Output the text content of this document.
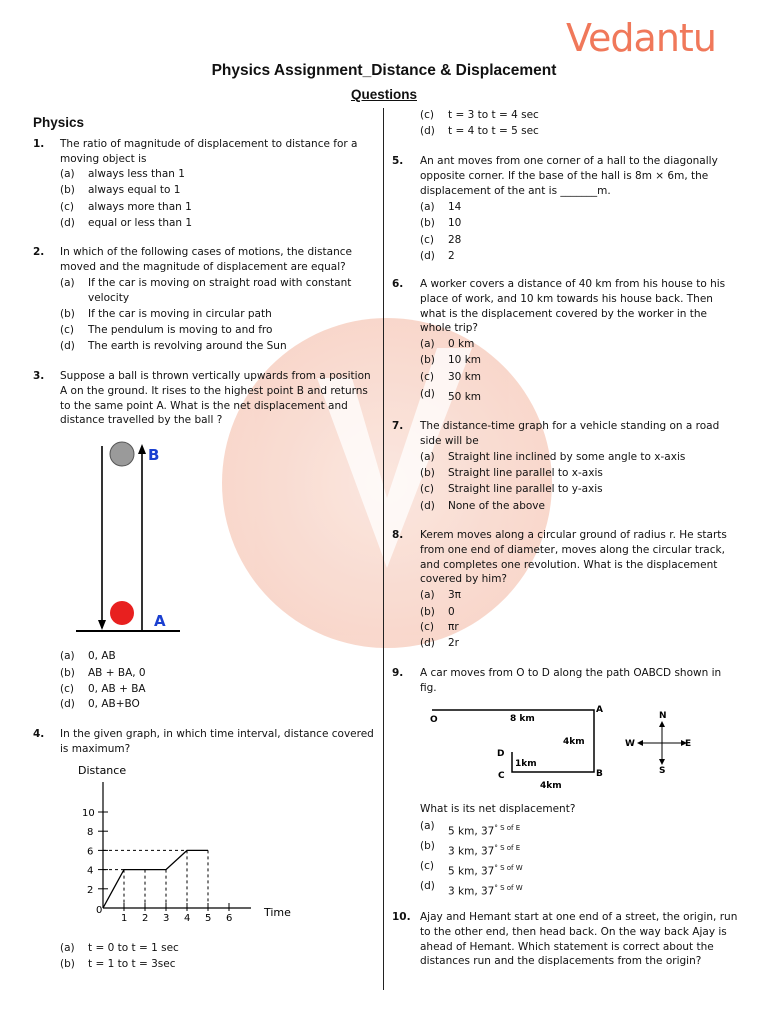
Vedantu
Physics Assignment_Distance & Displacement
Questions
Physics
1. The ratio of magnitude of displacement to distance for a
moving object is
(a) always less than 1
(b) always equal to 1
(c) always more than 1
(d) equal or less than 1
2. In which of the following cases of motions, the distance
moved and the magnitude of displacement are equal?
(a) If the car is moving on straight road with constant
velocity
(b) If the car is moving in circular path
(c) The pendulum is moving to and fro
(d) The earth is revolving around the Sun
3. Suppose a ball is thrown vertically upwards from a position
A on the ground. It rises to the highest point B and returns
to the same point A. What is the net displacement and
distance travelled by the ball ?
B
A
(a) 0, AB
(b) AB + BA, 0
(c) 0, AB + BA
(d) 0, AB+BO
4. In the given graph, in which time interval, distance covered
is maximum?
Distance
Time
0
1 2 3 4 5 6
2
4
6
8
10
(a) t = 0 to t = 1 sec
(b) t = 1 to t = 3sec
(c) t = 3 to t = 4 sec
(d) t = 4 to t = 5 sec
5. An ant moves from one corner of a hall to the diagonally
opposite corner. If the base of the hall is 8m × 6m, the
displacement of the ant is _______m.
(a) 14
(b) 10
(c) 28
(d) 2
6. A worker covers a distance of 40 km from his house to his
place of work, and 10 km towards his house back. Then
what is the displacement covered by the worker in the
whole trip?
(a) 0 km
(b) 10 km
(c) 30 km
(d) 50 km
7. The distance-time graph for a vehicle standing on a road
side will be
(a) Straight line inclined by some angle to x-axis
(b) Straight line parallel to x-axis
(c) Straight line parallel to y-axis
(d) None of the above
8. Kerem moves along a circular ground of radius r. He starts
from one end of diameter, moves along the circular track,
and completes one revolution. What is the displacement
covered by him?
(a) 3π
(b) 0
(c) πr
(d) 2r
9. A car moves from O to D along the path OABCD shown in
fig.
O
A
B
C
D
8 km
4km
4km
1km
N
S
W	E
What is its net displacement?
(a) 5 km, $37^{^\circ S of E}$
(b) 3 km, $37^{^\circ S of E}$
(c) 5 km, $37^{^\circ S of W}$
(d) 3 km, $37^{^\circ S of W}$
10. Ajay and Hemant start at one end of a street, the origin, run
to the other end, then head back. On the way back Ajay is
ahead of Hemant. Which statement is correct about the
distances run and the displacements from the origin?
